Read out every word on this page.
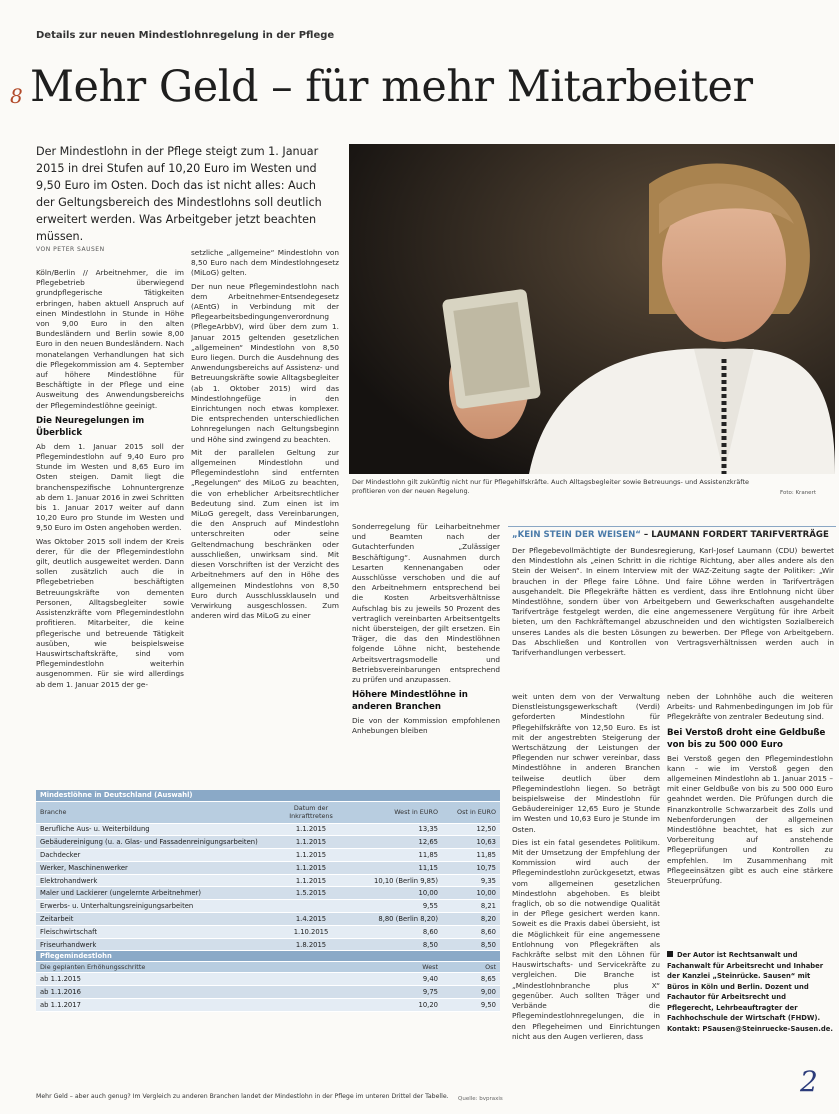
Details zur neuen Mindestlohnregelung in der Pflege
8 Mehr Geld – für mehr Mitarbeiter
Der Mindestlohn in der Pflege steigt zum 1. Januar 2015 in drei Stufen auf 10,20 Euro im Westen und 9,50 Euro im Osten. Doch das ist nicht alles: Auch der Geltungsbereich des Mindestlohns soll deutlich erweitert werden. Was Arbeitgeber jetzt beachten müssen.
VON PETER SAUSEN

Köln/Berlin // Arbeitnehmer, die im Pflegebetrieb überwiegend grundpflegerische Tätigkeiten erbringen, haben aktuell Anspruch auf einen Mindestlohn in Stunde in Höhe von 9,00 Euro in den alten Bundesländern und Berlin sowie 8,00 Euro in den neuen Bundesländern. Nach monatelangen Verhandlungen hat sich die Pflegekommission am 4. September auf höhere Mindestlöhne für Beschäftigte in der Pflege und eine Ausweitung des Anwendungsbereichs der Pflegemindestlöhne geeinigt.

Die Neuregelungen im Überblick

Ab dem 1. Januar 2015 soll der Pflegemindestlohn auf 9,40 Euro pro Stunde im Westen und 8,65 Euro im Osten steigen. Damit liegt die branchenspezifische Lohnuntergrenze ab dem 1. Januar 2016 in zwei Schritten bis 1. Januar 2017 weiter auf dann 10,20 Euro pro Stunde im Westen und 9,50 Euro im Osten angehoben werden.

Was Oktober 2015 soll indem der Kreis derer, für die der Pflegemindestlohn gilt, deutlich ausgeweitet werden. Dann sollen zusätzlich auch die in Pflegebetrieben beschäftigten Betreuungskräfte von dementen Personen, Alltagsbegleiter sowie Assistenzkräfte vom Pflegemindestlohn profitieren. Mitarbeiter, die keine pflegerische und betreuende Tätigkeit ausüben, wie beispielsweise Hauswirtschaftskräfte, sind vom Pflegemindestlohn weiterhin ausgenommen. Für sie wird allerdings ab dem 1. Januar 2015 der ge-

setzliche „allgemeine“ Mindestlohn von 8,50 Euro nach dem Mindestlohngesetz (MiLoG) gelten.

Der nun neue Pflegemindestlohn nach dem Arbeitnehmer-Entsendegesetz (AEntG) in Verbindung mit der Pflegearbeitsbedingungenverordnung (PflegeArbbV), wird über dem zum 1. Januar 2015 geltenden gesetzlichen „allgemeinen“ Mindestlohn von 8,50 Euro liegen. Durch die Ausdehnung des Anwendungsbereichs auf Assistenz- und Betreuungskräfte sowie Alltagsbegleiter (ab 1. Oktober 2015) wird das Mindestlohngefüge in den Einrichtungen noch etwas komplexer. Die entsprechenden unterschiedlichen Lohnregelungen nach Geltungsbeginn und Höhe sind zwingend zu beachten.

Mit der parallelen Geltung zur allgemeinen Mindestlohn und Pflegemindestlohn sind entfernten „Regelungen“ des MiLoG zu beachten, die von erheblicher Arbeitsrechtlicher Bedeutung sind. Zum einen ist im MiLoG geregelt, dass Vereinbarungen, die den Anspruch auf Mindestlohn unterschreiten oder seine Geltendmachung beschränken oder ausschließen, unwirksam sind. Mit diesen Vorschriften ist der Verzicht des Arbeitnehmers auf den in Höhe des allgemeinen Mindestlohns von 8,50 Euro durch Ausschlussklauseln und Verwirkung ausgeschlossen. Zum anderen wird das MiLoG zu einer

Der Mindestlohn gilt zukünftig nicht nur für Pflegehilfskräfte. Auch Alltagsbegleiter sowie Betreuungs- und Assistenzkräfte profitieren von der neuen Regelung.	Foto: Kranert

Sonderregelung für Leiharbeitnehmer und Beamten nach der Gutachterfunden „Zulässiger Beschäftigung“. Ausnahmen durch Lesarten Kennenangaben oder Ausschlüsse verschoben und die auf den Arbeitnehmern entsprechend bei die Kosten Arbeitsverhältnisse Aufschlag bis zu jeweils 50 Prozent des vertraglich vereinbarten Arbeitsentgelts nicht übersteigen, der gilt ersetzen. Ein Träger, die das den Mindestlöhnen folgende Löhne nicht, bestehende Arbeitsvertragsmodelle und Betriebsvereinbarungen entsprechend zu prüfen und anzupassen.

Höhere Mindestlöhne in anderen Branchen

Die von der Kommission empfohlenen Anhebungen bleiben

„KEIN STEIN DER WEISEN“ – LAUMANN FORDERT TARIFVERTRÄGE
Der Pflegebevollmächtigte der Bundesregierung, Karl-Josef Laumann (CDU) bewertet den Mindestlohn als „einen Schritt in die richtige Richtung, aber alles andere als den Stein der Weisen“. In einem Interview mit der WAZ-Zeitung sagte der Politiker: „Wir brauchen in der Pflege faire Löhne. Und faire Löhne werden in Tarifverträgen ausgehandelt. Die Pflegekräfte hätten es verdient, dass ihre Entlohnung nicht über Mindestlöhne, sondern über von Arbeitgebern und Gewerkschaften ausgehandelte Tarifverträge festgelegt werden, die eine angemessenere Vergütung für ihre Arbeit bieten, um den Fachkräftemangel abzuschneiden und den wichtigsten Sozialbereich unseres Landes als die besten Lösungen zu bewerben. Der Pflege von Arbeitgebern. Das Abschließen und Kontrollen von Vertragsverhältnissen werden auch in Tarifverhandlungen verbessert.

weit unten dem von der Verwaltung Dienstleistungsgewerkschaft (Verdi) geforderten Mindestlohn für Pflegehilfskräfte von 12,50 Euro. Es ist mit der angestrebten Steigerung der Wertschätzung der Leistungen der Pflegenden nur schwer vereinbar, dass Mindestlöhne in anderen Branchen teilweise deutlich über dem Pflegemindestlohn liegen. So beträgt beispielsweise der Mindestlohn für Gebäudereiniger 12,65 Euro je Stunde im Westen und 10,63 Euro je Stunde im Osten.

Dies ist ein fatal gesendetes Politikum. Mit der Umsetzung der Empfehlung der Kommission wird auch der Pflegemindestlohn zurückgesetzt, etwas vom allgemeinen gesetzlichen Mindestlohn abgehoben. Es bleibt fraglich, ob so die notwendige Qualität in der Pflege gesichert werden kann. Soweit es die Praxis dabei übersieht, ist die Möglichkeit für eine angemessene Entlohnung von Pflegekräften als Fachkräfte selbst mit den Löhnen für Hauswirtschafts- und Servicekräfte zu vergleichen. Die Branche ist „Mindestlohnbranche plus X“ gegenüber. Auch sollten Träger und Verbände die Pflegemindestlohnregelungen, die in den Pflegeheimen und Einrichtungen nicht aus den Augen verlieren, dass

neben der Lohnhöhe auch die weiteren Arbeits- und Rahmenbedingungen im Job für Pflegekräfte von zentraler Bedeutung sind.

Bei Verstoß droht eine Geldbuße von bis zu 500 000 Euro

Bei Verstoß gegen den Pflegemindestlohn kann – wie im Verstoß gegen den allgemeinen Mindestlohn ab 1. Januar 2015 – mit einer Geldbuße von bis zu 500 000 Euro geahndet werden. Die Prüfungen durch die Finanzkontrolle Schwarzarbeit des Zolls und Nebenforderungen der allgemeinen Mindestlöhne beachtet, hat es sich zur Vorbereitung auf anstehende Pflegeprüfungen und Kontrollen zu empfehlen. Im Zusammenhang mit Pflegeeinsätzen gibt es auch eine stärkere Steuerprüfung.

Der Autor ist Rechtsanwalt und Fachanwalt für Arbeitsrecht und Inhaber der Kanzlei „Steinrücke. Sausen“ mit Büros in Köln und Berlin. Dozent und Fachautor für Arbeitsrecht und Pflegerecht, Lehrbeauftragter der Fachhochschule der Wirtschaft (FHDW). Kontakt: PSausen@Steinruecke-Sausen.de.
Mindestlöhne in Deutschland (Auswahl)			
Branche	Datum der Inkrafttretens	West in EURO	Ost in EURO
Berufliche Aus- u. Weiterbildung	1.1.2015	13,35	12,50
Gebäudereinigung (u. a. Glas- und Fassadenreinigungsarbeiten)	1.1.2015	12,65	10,63
Dachdecker	1.1.2015	11,85	11,85
Werker, Maschinenwerker	1.1.2015	11,15	10,75
Elektrohandwerk	1.1.2015	10,10 (Berlin 9,85)	9,35
Maler und Lackierer (ungelernte Arbeitnehmer)	1.5.2015	10,00	10,00
Erwerbs- u. Unterhaltungsreinigungsarbeiten		9,55	8,21
Zeitarbeit	1.4.2015	8,80 (Berlin 8,20)	8,20
Fleischwirtschaft	1.10.2015	8,60	8,60
Friseurhandwerk	1.8.2015	8,50	8,50
Pflegemindestlohn			
Die geplanten Erhöhungsschritte		West	Ost
ab 1.1.2015		9,40	8,65
ab 1.1.2016		9,75	9,00
ab 1.1.2017		10,20	9,50
Mehr Geld – aber auch genug? Im Vergleich zu anderen Branchen landet der Mindestlohn in der Pflege im unteren Drittel der Tabelle. Quelle: bvpraxis
2
